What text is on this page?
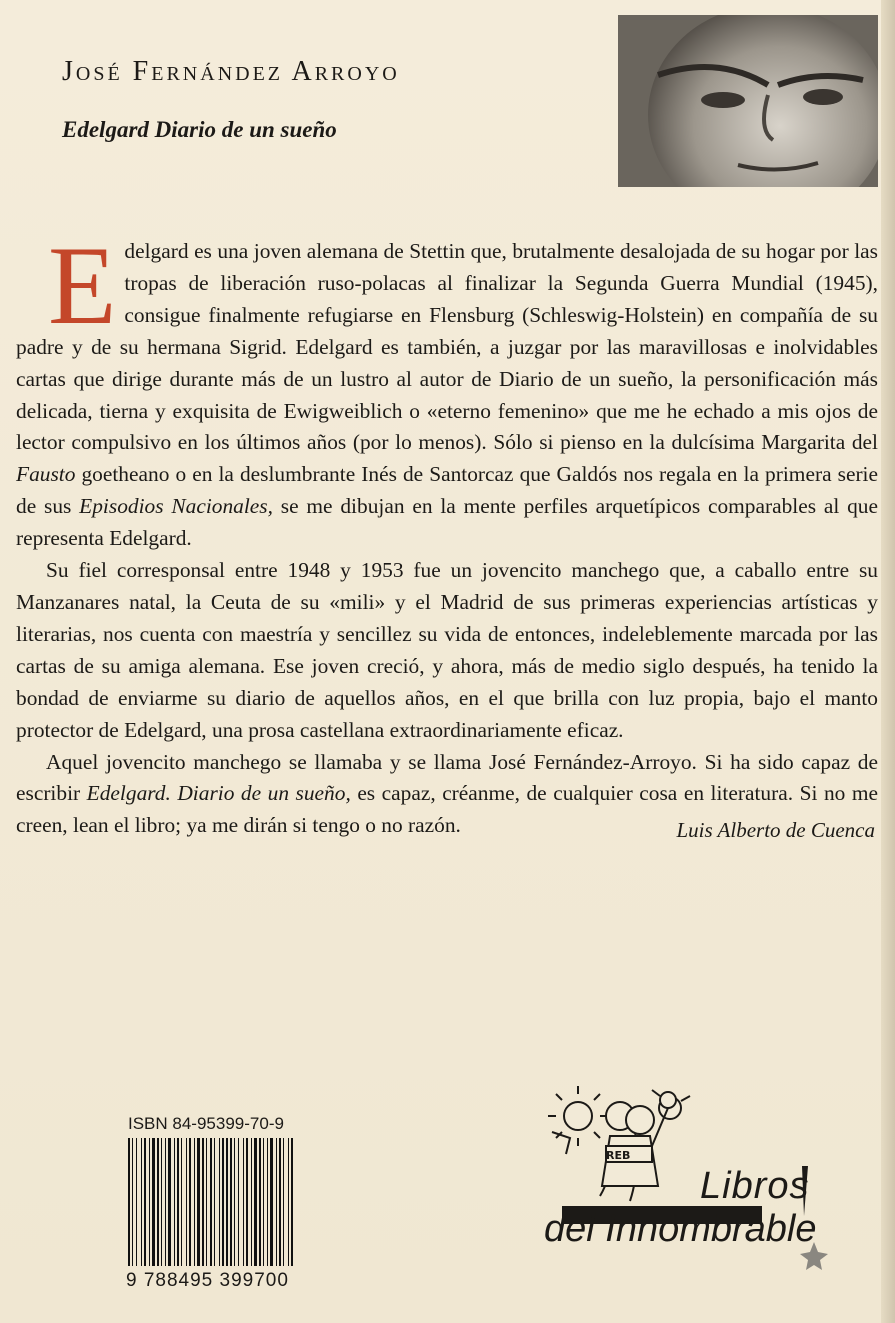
José Fernández Arroyo
Edelgard Diario de un sueño

Edelgard es una joven alemana de Stettin que, brutalmente desalojada de su hogar por las tropas de liberación ruso-polacas al finalizar la Segunda Guerra Mundial (1945), consigue finalmente refugiarse en Flensburg (Schleswig-Holstein) en compañía de su padre y de su hermana Sigrid. Edelgard es también, a juzgar por las maravillosas e inolvidables cartas que dirige durante más de un lustro al autor de Diario de un sueño, la personificación más delicada, tierna y exquisita de Ewigweiblich o «eterno femenino» que me he echado a mis ojos de lector compulsivo en los últimos años (por lo menos). Sólo si pienso en la dulcísima Margarita del Fausto goetheano o en la deslumbrante Inés de Santorcaz que Galdós nos regala en la primera serie de sus Episodios Nacionales, se me dibujan en la mente perfiles arquetípicos comparables al que representa Edelgard.

Su fiel corresponsal entre 1948 y 1953 fue un jovencito manchego que, a caballo entre su Manzanares natal, la Ceuta de su «mili» y el Madrid de sus primeras experiencias artísticas y literarias, nos cuenta con maestría y sencillez su vida de entonces, indeleblemente marcada por las cartas de su amiga alemana. Ese joven creció, y ahora, más de medio siglo después, ha tenido la bondad de enviarme su diario de aquellos años, en el que brilla con luz propia, bajo el manto protector de Edelgard, una prosa castellana extraordinariamente eficaz.

Aquel jovencito manchego se llamaba y se llama José Fernández-Arroyo. Si ha sido capaz de escribir Edelgard. Diario de un sueño, es capaz, créanme, de cualquier cosa en literatura. Si no me creen, lean el libro; ya me dirán si tengo o no razón.	Luis Alberto de Cuenca
ISBN 84-95399-70-9
9 788495 399700
REB
Libros
del Innombrable
